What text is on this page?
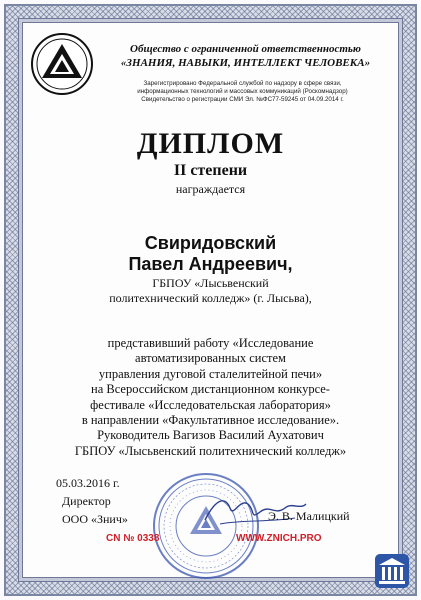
Общество с ограниченной ответственностью
«ЗНАНИЯ, НАВЫКИ, ИНТЕЛЛЕКТ ЧЕЛОВЕКА»
Зарегистрировано Федеральной службой по надзору в сфере связи,
информационных технологий и массовых коммуникаций (Роскомнадзор)
Свидетельство о регистрации СМИ Эл. №ФС77-59245 от 04.09.2014 г.
ДИПЛОМ
II степени
награждается
Свиридовский
Павел Андреевич,
ГБПОУ «Лысьвенский
политехнический колледж» (г. Лысьва),
представивший работу «Исследование
автоматизированных систем
управления дуговой сталелитейной печи»
на Всероссийском дистанционном конкурсе-
фестивале «Исследовательская лаборатория»
в направлении «Факультативное исследование».
Руководитель Вагизов Василий Аухатович
ГБПОУ «Лысьвенский политехнический колледж»
05.03.2016 г.
Директор
ООО «Знич»	Э. В. Малицкий
CN № 0338	WWW.ZNICH.PRO
